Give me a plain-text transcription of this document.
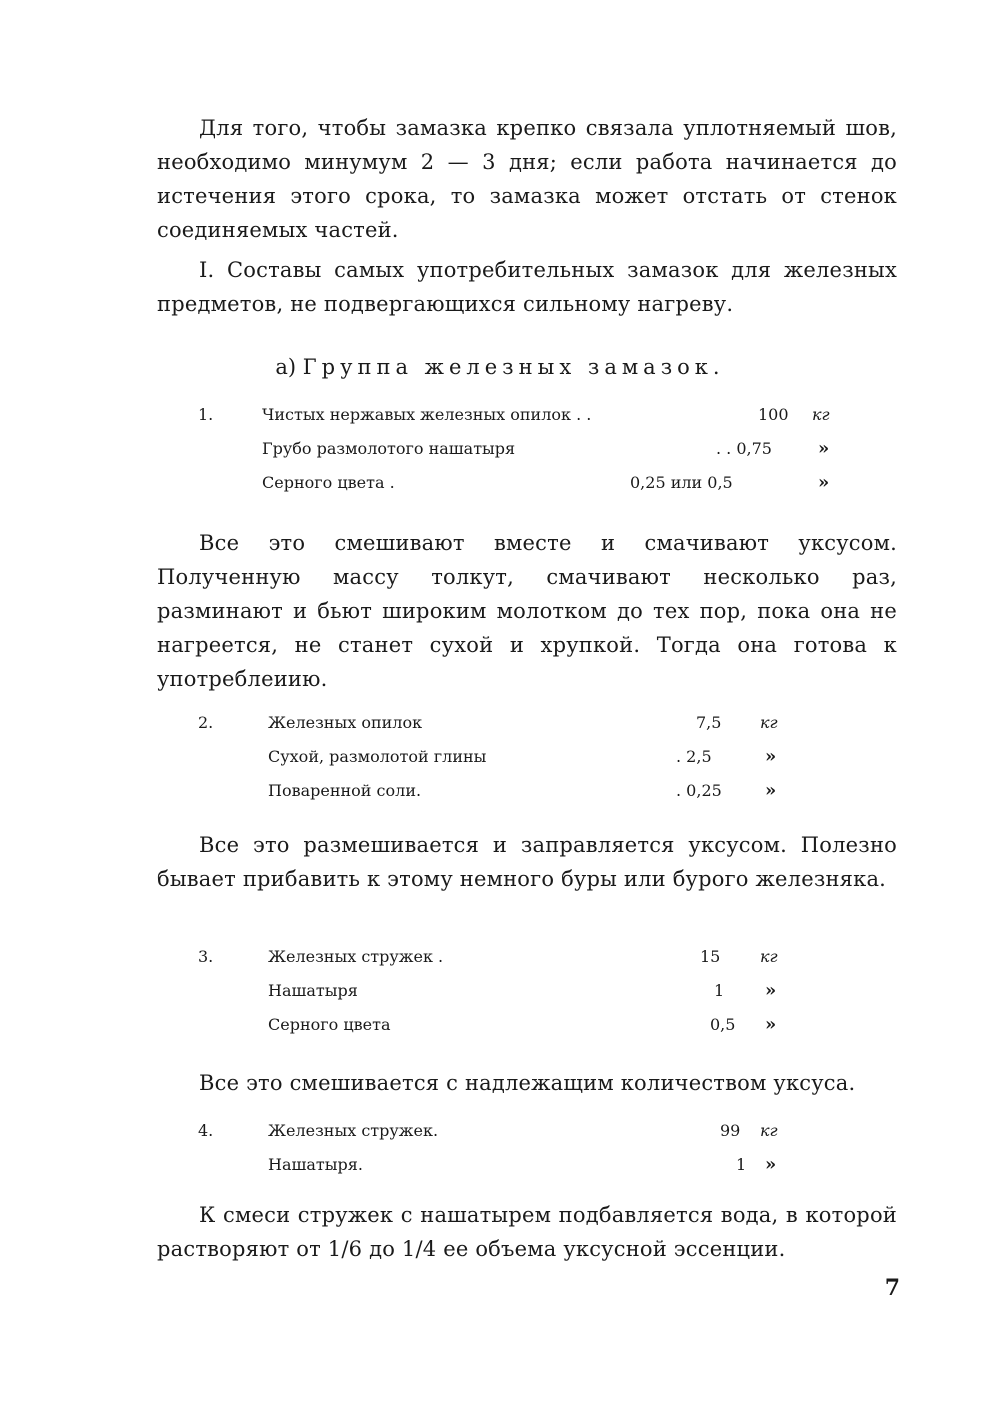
Для того, чтобы замазка крепко связала уплотняемый шов, необходимо минумум 2 — 3 дня; если работа начинается до истечения этого срока, то замазка может отстать от стенок соединяемых частей.

I. Составы самых употребительных замазок для железных предметов, не подвергающихся сильному нагреву.

а) Группа железных замазок.
1.	Чистых нержавых железных опилок . .	100 кг
Грубо размолотого нашатыря	. . 0,75	»
Серного цвета .	0,25 или 0,5	»

Все это смешивают вместе и смачивают уксусом. Полученную массу толкут, смачивают несколько раз, разминают и бьют широким молотком до тех пор, пока она не нагреется, не станет сухой и хрупкой. Тогда она готова к употреблеиию.

2.	Железных опилок	7,5 кг
Сухой, размолотой глины	. 2,5	»
Поваренной соли.	. 0,25 »

Все это размешивается и заправляется уксусом. Полезно бывает прибавить к этому немного буры или бурого железняка.

3.	Железных стружек .	15 кг
Нашатыря	1 »
Серного цвета	0,5 »

Все это смешивается с надлежащим количеством уксуса.

4.	Железных стружек.	99 кг
Нашатыря.	1 »

К смеси стружек с нашатырем подбавляется вода, в которой растворяют от 1/6 до 1/4 ее объема уксусной эссенции.

7
